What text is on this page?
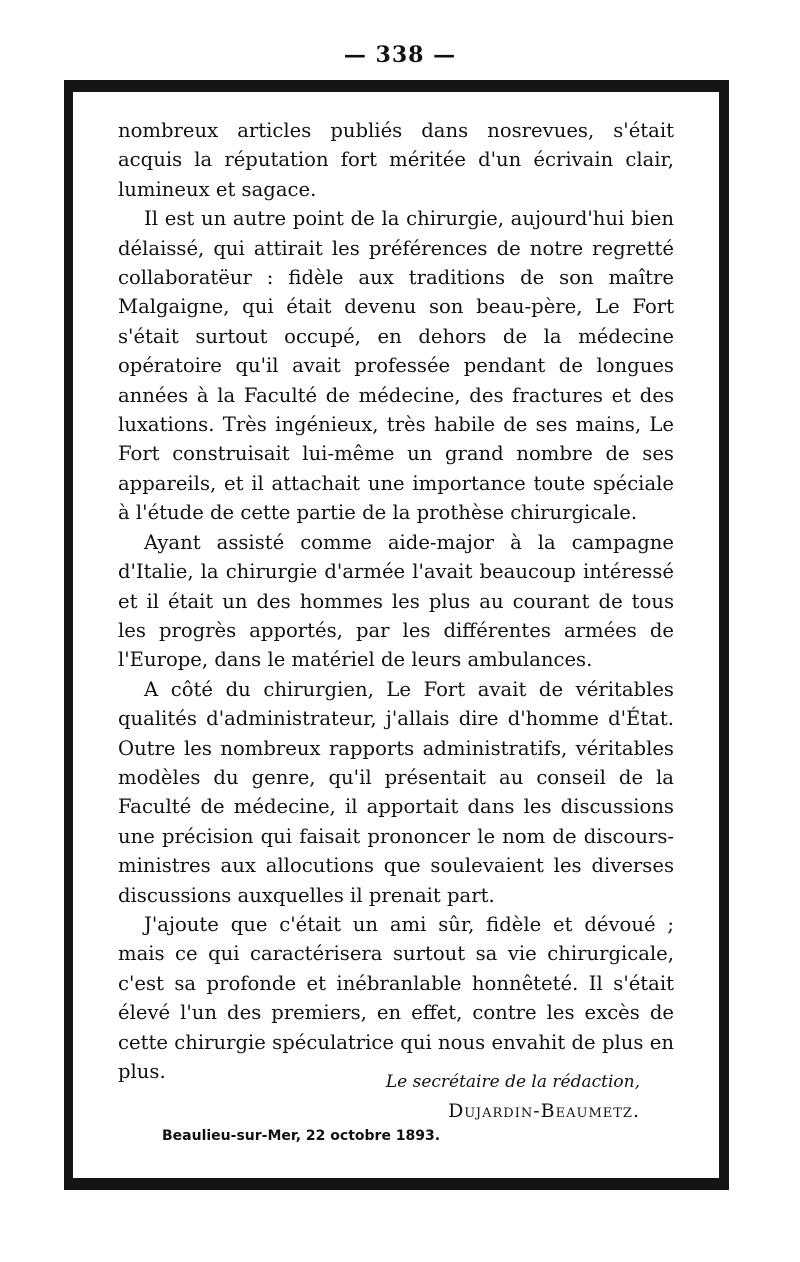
— 338 —

nombreux articles publiés dans nosrevues, s'était acquis la réputation fort méritée d'un écrivain clair, lumineux et sagace.

Il est un autre point de la chirurgie, aujourd'hui bien délaissé, qui attirait les préférences de notre regretté collaboratëur : fidèle aux traditions de son maître Malgaigne, qui était devenu son beau-père, Le Fort s'était surtout occupé, en dehors de la médecine opératoire qu'il avait professée pendant de longues années à la Faculté de médecine, des fractures et des luxations. Très ingénieux, très habile de ses mains, Le Fort construisait lui-même un grand nombre de ses appareils, et il attachait une importance toute spéciale à l'étude de cette partie de la prothèse chirurgicale.

Ayant assisté comme aide-major à la campagne d'Italie, la chirurgie d'armée l'avait beaucoup intéressé et il était un des hommes les plus au courant de tous les progrès apportés, par les différentes armées de l'Europe, dans le matériel de leurs ambulances.

A côté du chirurgien, Le Fort avait de véritables qualités d'administrateur, j'allais dire d'homme d'État. Outre les nombreux rapports administratifs, véritables modèles du genre, qu'il présentait au conseil de la Faculté de médecine, il apportait dans les discussions une précision qui faisait prononcer le nom de discours-ministres aux allocutions que soulevaient les diverses discussions auxquelles il prenait part.

J'ajoute que c'était un ami sûr, fidèle et dévoué ; mais ce qui caractérisera surtout sa vie chirurgicale, c'est sa profonde et inébranlable honnêteté. Il s'était élevé l'un des premiers, en effet, contre les excès de cette chirurgie spéculatrice qui nous envahit de plus en plus.	Le secrétaire de la rédaction,
Dujardin-Beaumetz.
Beaulieu-sur-Mer, 22 octobre 1893.
